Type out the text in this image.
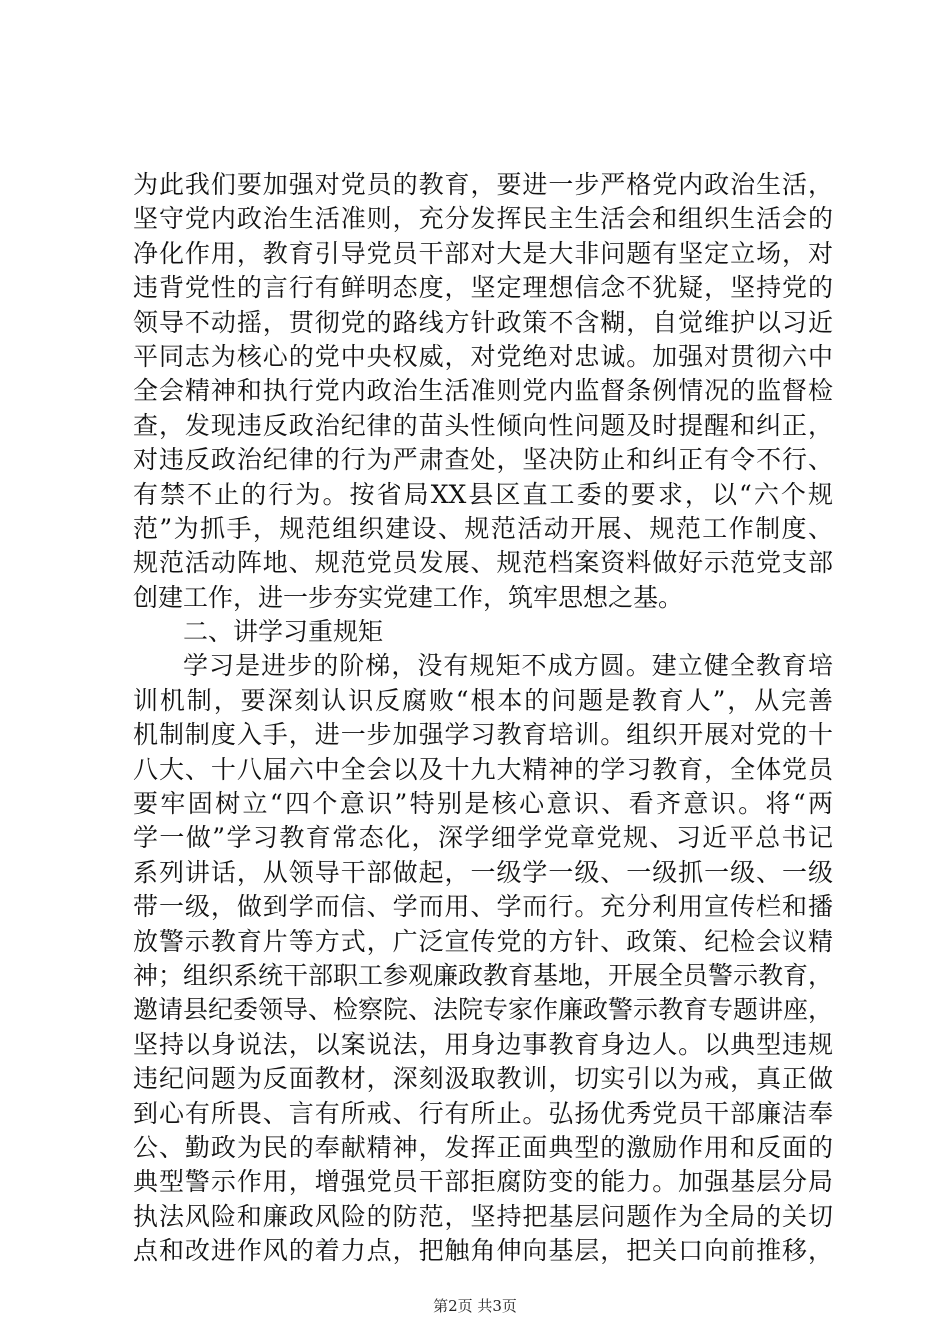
为此我们要加强对党员的教育，要进一步严格党内政治生活，
坚守党内政治生活准则，充分发挥民主生活会和组织生活会的
净化作用，教育引导党员干部对大是大非问题有坚定立场，对
违背党性的言行有鲜明态度，坚定理想信念不犹疑，坚持党的
领导不动摇，贯彻党的路线方针政策不含糊，自觉维护以习近
平同志为核心的党中央权威，对党绝对忠诚。加强对贯彻六中
全会精神和执行党内政治生活准则党内监督条例情况的监督检
查，发现违反政治纪律的苗头性倾向性问题及时提醒和纠正，
对违反政治纪律的行为严肃查处，坚决防止和纠正有令不行、
有禁不止的行为。按省局XX县区直工委的要求，以“六个规
范”为抓手，规范组织建设、规范活动开展、规范工作制度、
规范活动阵地、规范党员发展、规范档案资料做好示范党支部
创建工作，进一步夯实党建工作，筑牢思想之基。
二、讲学习重规矩
学习是进步的阶梯，没有规矩不成方圆。建立健全教育培
训机制，要深刻认识反腐败“根本的问题是教育人”，从完善
机制制度入手，进一步加强学习教育培训。组织开展对党的十
八大、十八届六中全会以及十九大精神的学习教育，全体党员
要牢固树立“四个意识”特别是核心意识、看齐意识。将“两
学一做”学习教育常态化，深学细学党章党规、习近平总书记
系列讲话，从领导干部做起，一级学一级、一级抓一级、一级
带一级，做到学而信、学而用、学而行。充分利用宣传栏和播
放警示教育片等方式，广泛宣传党的方针、政策、纪检会议精
神；组织系统干部职工参观廉政教育基地，开展全员警示教育，
邀请县纪委领导、检察院、法院专家作廉政警示教育专题讲座，
坚持以身说法，以案说法，用身边事教育身边人。以典型违规
违纪问题为反面教材，深刻汲取教训，切实引以为戒，真正做
到心有所畏、言有所戒、行有所止。弘扬优秀党员干部廉洁奉
公、勤政为民的奉献精神，发挥正面典型的激励作用和反面的
典型警示作用，增强党员干部拒腐防变的能力。加强基层分局
执法风险和廉政风险的防范，坚持把基层问题作为全局的关切
点和改进作风的着力点，把触角伸向基层，把关口向前推移，
第2页 共3页
